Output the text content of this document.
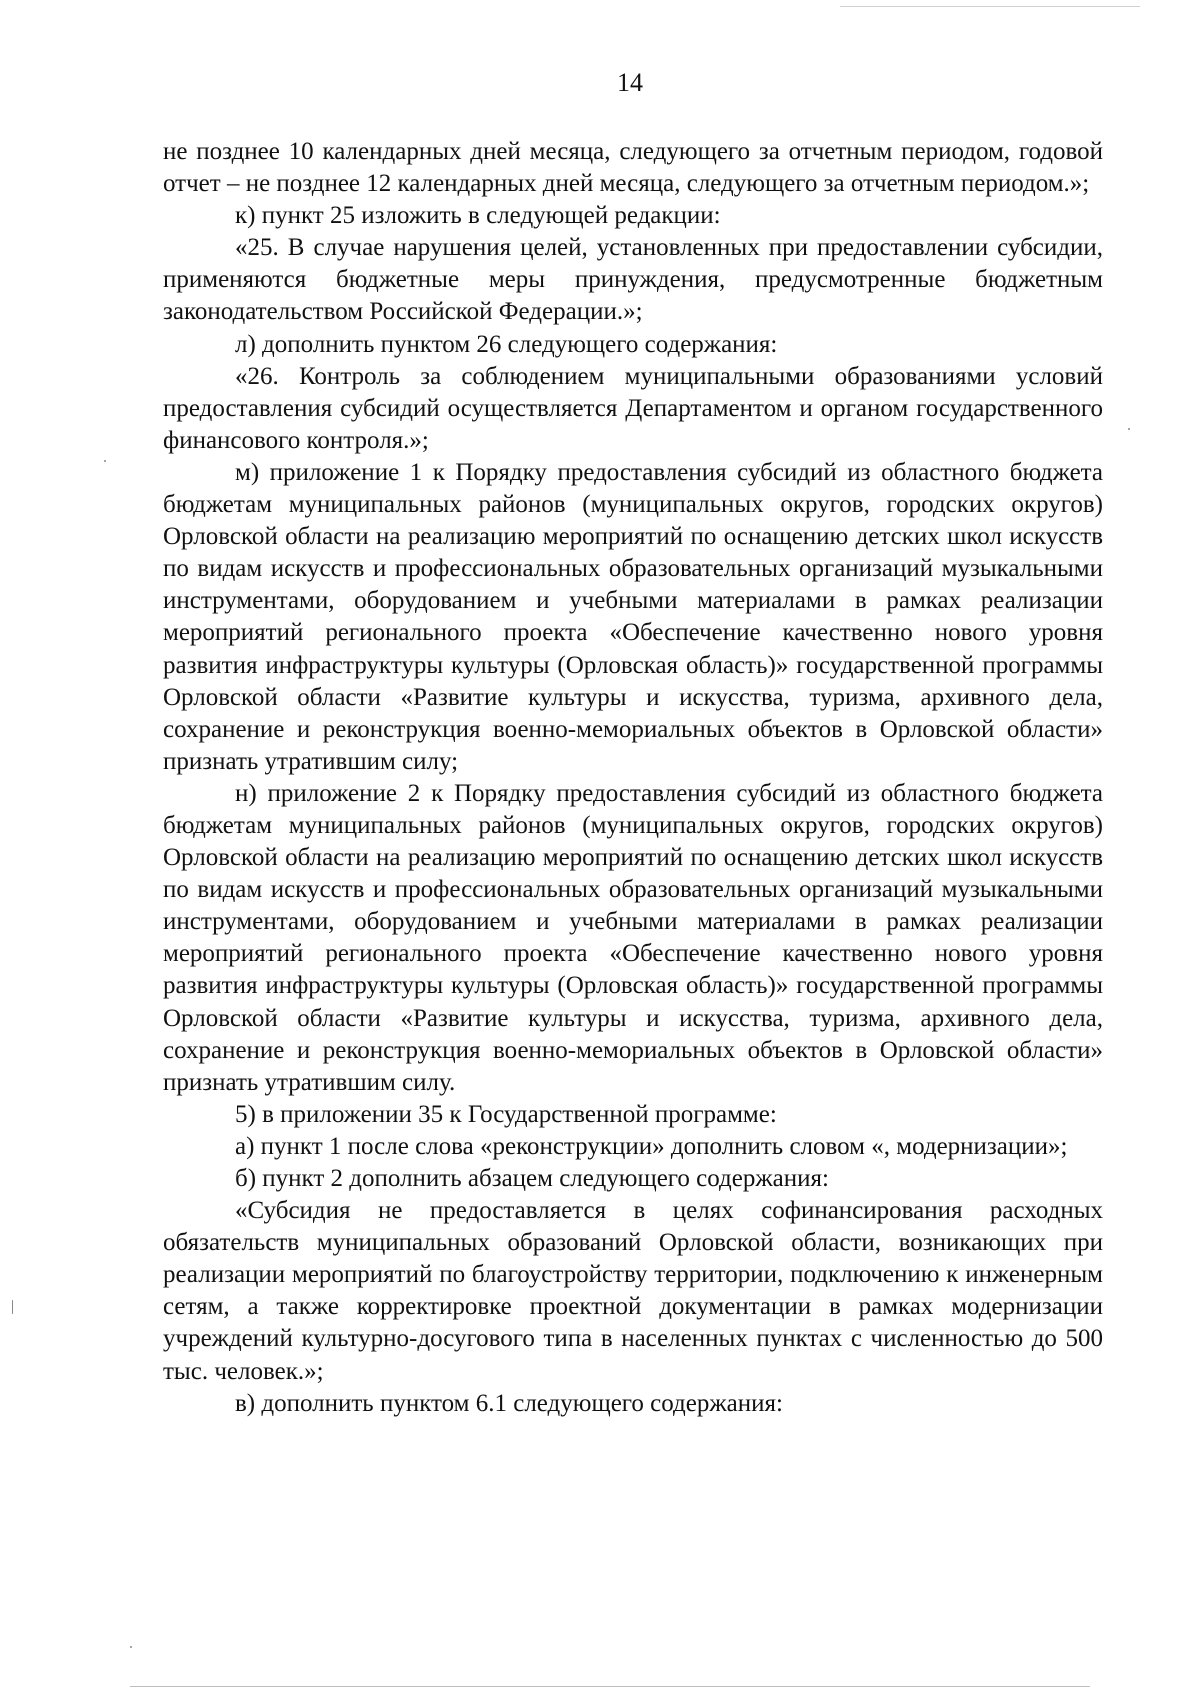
14

не позднее 10 календарных дней месяца, следующего за отчетным периодом, годовой отчет – не позднее 12 календарных дней месяца, следующего за отчетным периодом.»;

к) пункт 25 изложить в следующей редакции:

«25. В случае нарушения целей, установленных при предоставлении субсидии, применяются бюджетные меры принуждения, предусмотренные бюджетным законодательством Российской Федерации.»;

л) дополнить пунктом 26 следующего содержания:

«26. Контроль за соблюдением муниципальными образованиями условий предоставления субсидий осуществляется Департаментом и органом государственного финансового контроля.»;

м) приложение 1 к Порядку предоставления субсидий из областного бюджета бюджетам муниципальных районов (муниципальных округов, городских округов) Орловской области на реализацию мероприятий по оснащению детских школ искусств по видам искусств и профессиональных образовательных организаций музыкальными инструментами, оборудованием и учебными материалами в рамках реализации мероприятий регионального проекта «Обеспечение качественно нового уровня развития инфраструктуры культуры (Орловская область)» государственной программы Орловской области «Развитие культуры и искусства, туризма, архивного дела, сохранение и реконструкция военно-мемориальных объектов в Орловской области» признать утратившим силу;

н) приложение 2 к Порядку предоставления субсидий из областного бюджета бюджетам муниципальных районов (муниципальных округов, городских округов) Орловской области на реализацию мероприятий по оснащению детских школ искусств по видам искусств и профессиональных образовательных организаций музыкальными инструментами, оборудованием и учебными материалами в рамках реализации мероприятий регионального проекта «Обеспечение качественно нового уровня развития инфраструктуры культуры (Орловская область)» государственной программы Орловской области «Развитие культуры и искусства, туризма, архивного дела, сохранение и реконструкция военно-мемориальных объектов в Орловской области» признать утратившим силу.

5) в приложении 35 к Государственной программе:

а) пункт 1 после слова «реконструкции» дополнить словом «, модернизации»;

б) пункт 2 дополнить абзацем следующего содержания:

«Субсидия не предоставляется в целях софинансирования расходных обязательств муниципальных образований Орловской области, возникающих при реализации мероприятий по благоустройству территории, подключению к инженерным сетям, а также корректировке проектной документации в рамках модернизации учреждений культурно-досугового типа в населенных пунктах с численностью до 500 тыс. человек.»;

в) дополнить пунктом 6.1 следующего содержания:
